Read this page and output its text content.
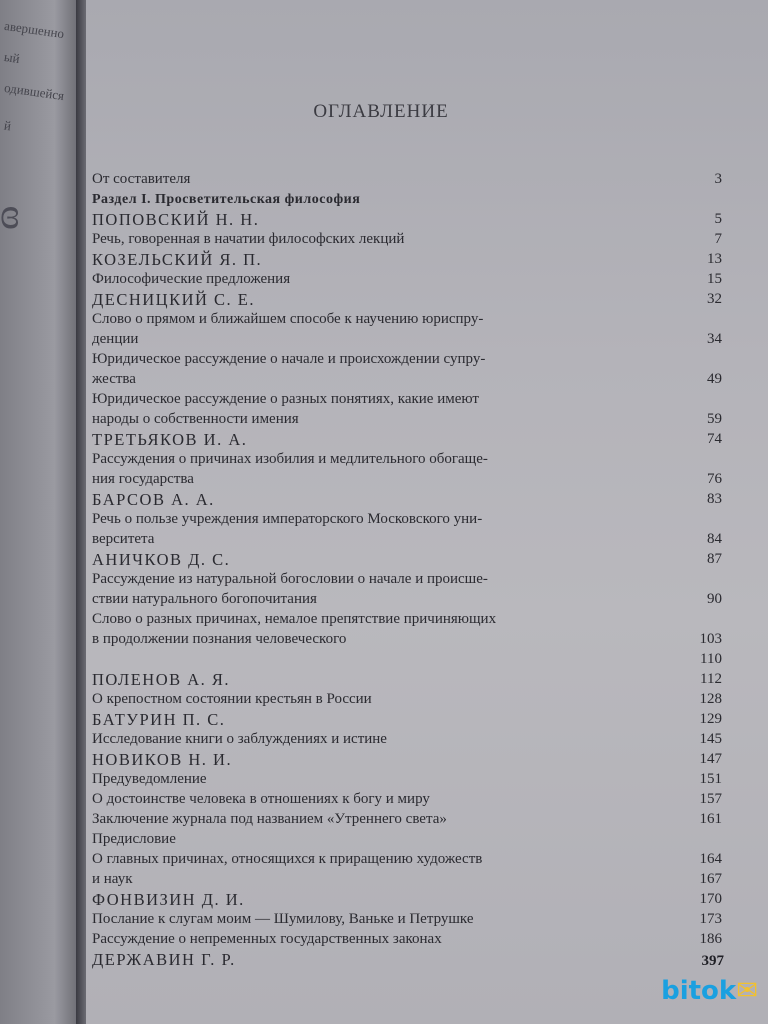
авершенно
ый
одившейся
й
ɞ
ОГЛАВЛЕНИЕ
От составителя	3
Раздел I. Просветительская философия
ПОПОВСКИЙ Н. Н.	5
Речь, говоренная в начатии философских лекций	7
КОЗЕЛЬСКИЙ Я. П.	13
Философические предложения	15
ДЕСНИЦКИЙ С. Е.	32
Слово о прямом и ближайшем способе к научению юриспру-
денции	34
Юридическое рассуждение о начале и происхождении супру-
жества	49
Юридическое рассуждение о разных понятиях, какие имеют
народы о собственности имения	59
ТРЕТЬЯКОВ И. А.	74
Рассуждения о причинах изобилия и медлительного обогаще-
ния государства	76
БАРСОВ А. А.	83
Речь о пользе учреждения императорского Московского уни-
верситета	84
АНИЧКОВ Д. С.	87
Рассуждение из натуральной богословии о начале и происше-
ствии натурального богопочитания	90
Слово о разных причинах, немалое препятствие причиняющих
в продолжении познания человеческого	103
110
ПОЛЕНОВ А. Я.	112
О крепостном состоянии крестьян в России	128
БАТУРИН П. С.	129
Исследование книги о заблуждениях и истине	145
НОВИКОВ Н. И.	147
Предуведомление	151
О достоинстве человека в отношениях к богу и миру	157
Заключение журнала под названием «Утреннего света»	161
Предисловие
О главных причинах, относящихся к приращению художеств	164
и наук	167
ФОНВИЗИН Д. И.	170
Послание к слугам моим — Шумилову, Ваньке и Петрушке	173
Рассуждение о непременных государственных законах	186
ДЕРЖАВИН Г. Р.	397
bitok ✉
